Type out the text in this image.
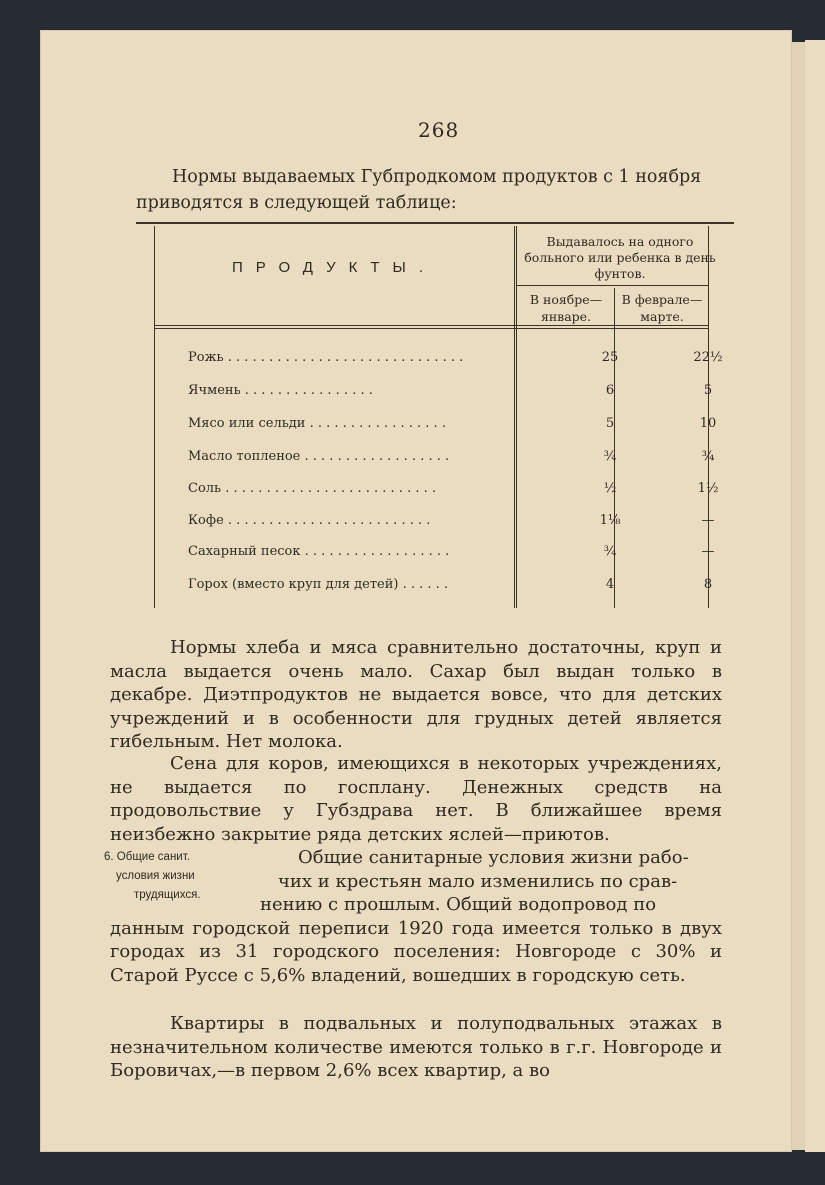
268
Нормы выдаваемых Губпродкомом продуктов с 1 ноября
приводятся в следующей таблице:
ПРОДУКТЫ.
Выдавалось на одного больного или ребенка в день фунтов.
В ноябре— январе.
В феврале— марте.
Рожь . . . . . . . . . . . . . . . . . . . . . . . . . . . . .	25	22½
Ячмень . . . . . . . . . . . . . . . .	6	5
Мясо или сельди . . . . . . . . . . . . . . . . .	5	10
Масло топленое . . . . . . . . . . . . . . . . . .	¾	¾
Соль . . . . . . . . . . . . . . . . . . . . . . . . . .	½	1½
Кофе . . . . . . . . . . . . . . . . . . . . . . . . .	1⅛	—
Сахарный песок . . . . . . . . . . . . . . . . . .	¾	—
Горох (вместо круп для детей) . . . . . .	4	8

Нормы хлеба и мяса сравнительно достаточны, круп и масла выдается очень мало. Сахар был выдан только в декабре. Диэтпродуктов не выдается вовсе, что для детских учреждений и в особенности для грудных детей является гибельным. Нет молока.

Сена для коров, имеющихся в некоторых учреждениях, не выдается по госплану. Денежных средств на продовольствие у Губздрава нет. В ближайшее время неизбежно закрытие ряда детских яслей—приютов.

6. Общие санит.
условия жизни
трудящихся.
Общие санитарные условия жизни рабо-
чих и крестьян мало изменились по срав-
нению с прошлым. Общий водопровод по

данным городской переписи 1920 года имеется только в двух городах из 31 городского поселения: Новгороде с 30% и Старой Руссе с 5,6% владений, вошедших в городскую сеть.

Квартиры в подвальных и полуподвальных этажах в незначительном количестве имеются только в г.г. Новгороде и Боровичах,—в первом 2,6% всех квартир, а во
